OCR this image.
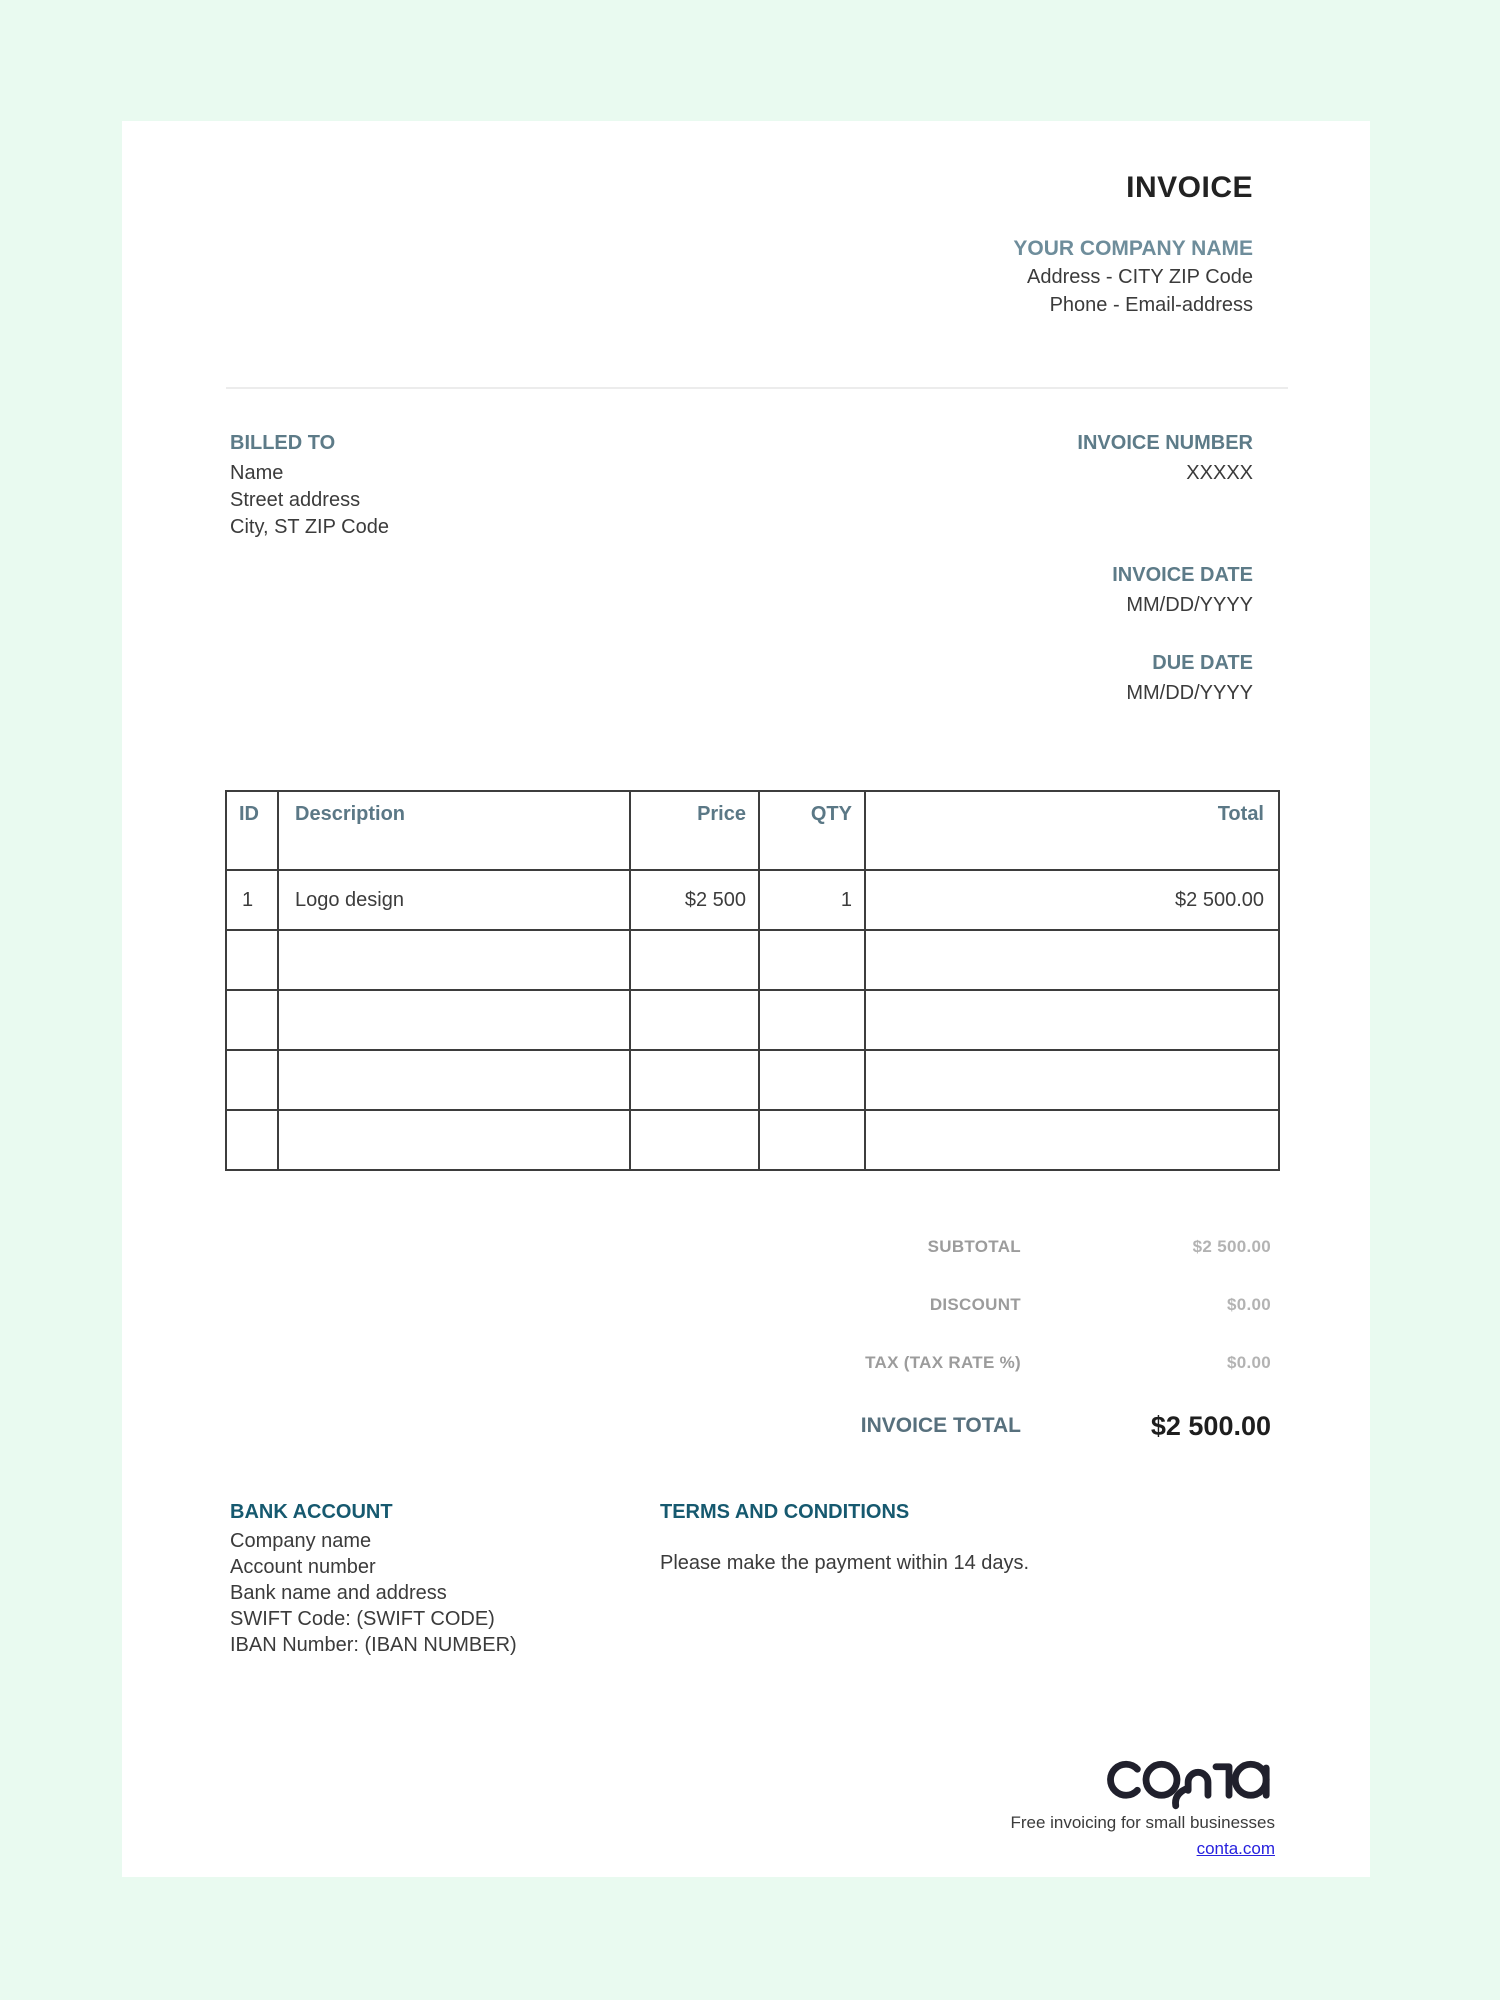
INVOICE
YOUR COMPANY NAME
Address - CITY ZIP Code
Phone - Email-address
BILLED TO
Name
Street address
City, ST ZIP Code
INVOICE NUMBER
XXXXX
INVOICE DATE
MM/DD/YYYY
DUE DATE
MM/DD/YYYY
ID	Description	Price	QTY	Total
1	Logo design	$2 500	1	$2 500.00

SUBTOTAL	$2 500.00
DISCOUNT	$0.00
TAX (TAX RATE %)	$0.00
INVOICE TOTAL	$2 500.00
BANK ACCOUNT
Company name
Account number
Bank name and address
SWIFT Code: (SWIFT CODE)
IBAN Number: (IBAN NUMBER)
TERMS AND CONDITIONS
Please make the payment within 14 days.
Free invoicing for small businesses
conta.com
